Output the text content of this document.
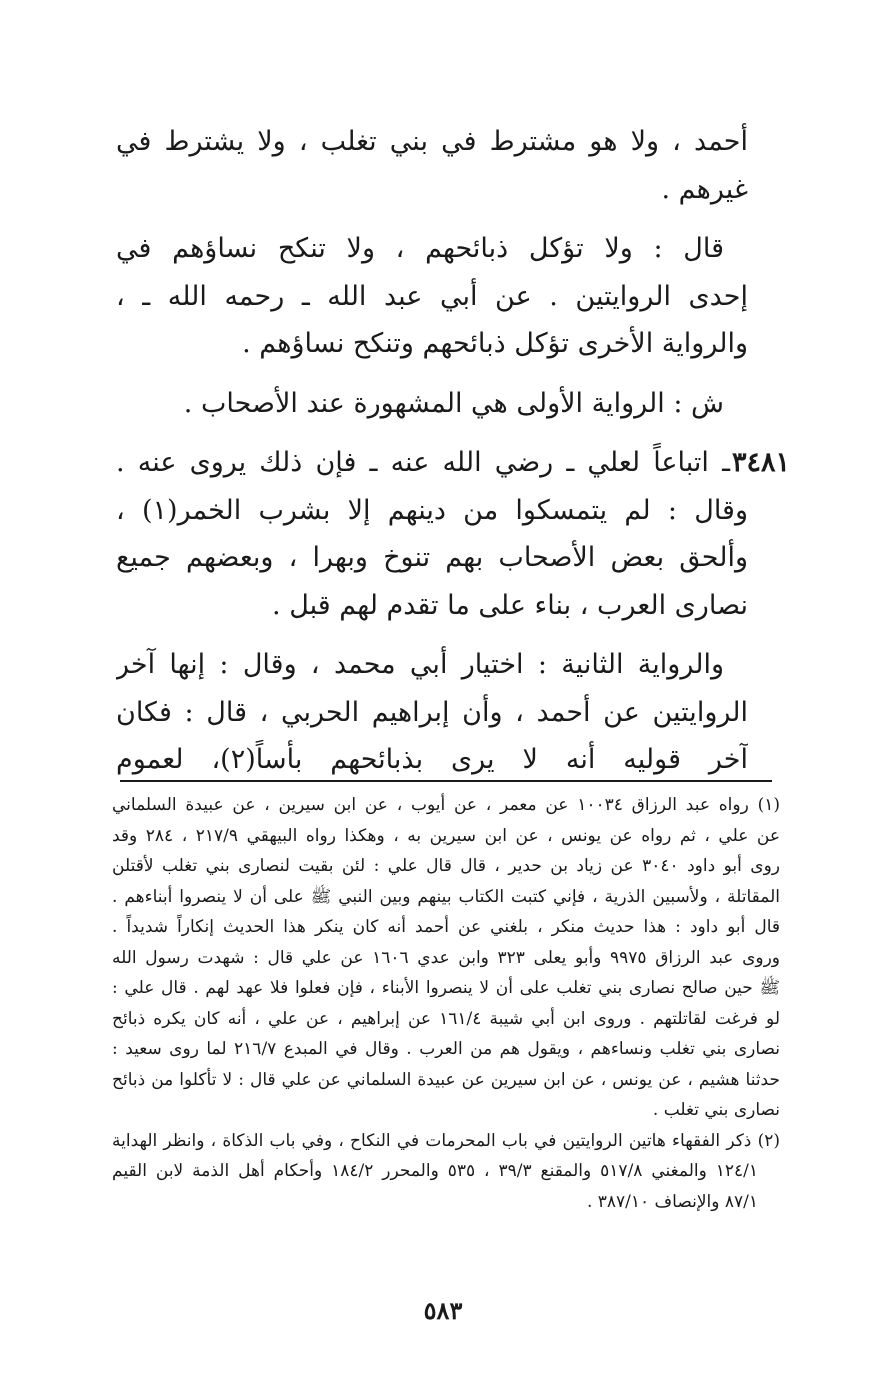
أحمد ، ولا هو مشترط في بني تغلب ، ولا يشترط في
غيرهم .
قال : ولا تؤكل ذبائحهم ، ولا تنكح نساؤهم في
إحدى الروايتين . عن أبي عبد الله ـ رحمه الله ـ ،
والرواية الأخرى تؤكل ذبائحهم وتنكح نساؤهم .
ش : الرواية الأولى هي المشهورة عند الأصحاب .
٣٤٨١ـ اتباعاً لعلي ـ رضي الله عنه ـ فإن ذلك يروى عنه .
وقال : لم يتمسكوا من دينهم إلا بشرب الخمر(١) ،
وألحق بعض الأصحاب بهم تنوخ وبهرا ، وبعضهم جميع
نصارى العرب ، بناء على ما تقدم لهم قبل .
والرواية الثانية : اختيار أبي محمد ، وقال : إنها آخر
الروايتين عن أحمد ، وأن إبراهيم الحربي ، قال : فكان
آخر قوليه أنه لا يرى بذبائحهم بأساً(٢)، لعموم
(١) رواه عبد الرزاق ١٠٠٣٤ عن معمر ، عن أيوب ، عن ابن سيرين ، عن عبيدة السلماني
عن علي ، ثم رواه عن يونس ، عن ابن سيرين به ، وهكذا رواه البيهقي ٢١٧/٩ ، ٢٨٤ وقد
روى أبو داود ٣٠٤٠ عن زياد بن حدير ، قال قال علي : لئن بقيت لنصارى بني تغلب لأقتلن
المقاتلة ، ولأسبين الذرية ، فإني كتبت الكتاب بينهم وبين النبي ﷺ على أن لا ينصروا أبناءهم .
قال أبو داود : هذا حديث منكر ، بلغني عن أحمد أنه كان ينكر هذا الحديث إنكاراً شديداً .
وروى عبد الرزاق ٩٩٧٥ وأبو يعلى ٣٢٣ وابن عدي ١٦٠٦ عن علي قال : شهدت رسول الله
ﷺ حين صالح نصارى بني تغلب على أن لا ينصروا الأبناء ، فإن فعلوا فلا عهد لهم . قال علي :
لو فرغت لقاتلتهم . وروى ابن أبي شيبة ١٦١/٤ عن إبراهيم ، عن علي ، أنه كان يكره ذبائح
نصارى بني تغلب ونساءهم ، ويقول هم من العرب . وقال في المبدع ٢١٦/٧ لما روى سعيد :
حدثنا هشيم ، عن يونس ، عن ابن سيرين عن عبيدة السلماني عن علي قال : لا تأكلوا من ذبائح
نصارى بني تغلب .
(٢) ذكر الفقهاء هاتين الروايتين في باب المحرمات في النكاح ، وفي باب الذكاة ، وانظر الهداية
١٢٤/١ والمغني ٥١٧/٨ والمقنع ٣٩/٣ ، ٥٣٥ والمحرر ١٨٤/٢ وأحكام أهل الذمة لابن القيم
٨٧/١ والإنصاف ٣٨٧/١٠ .
٥٨٣
